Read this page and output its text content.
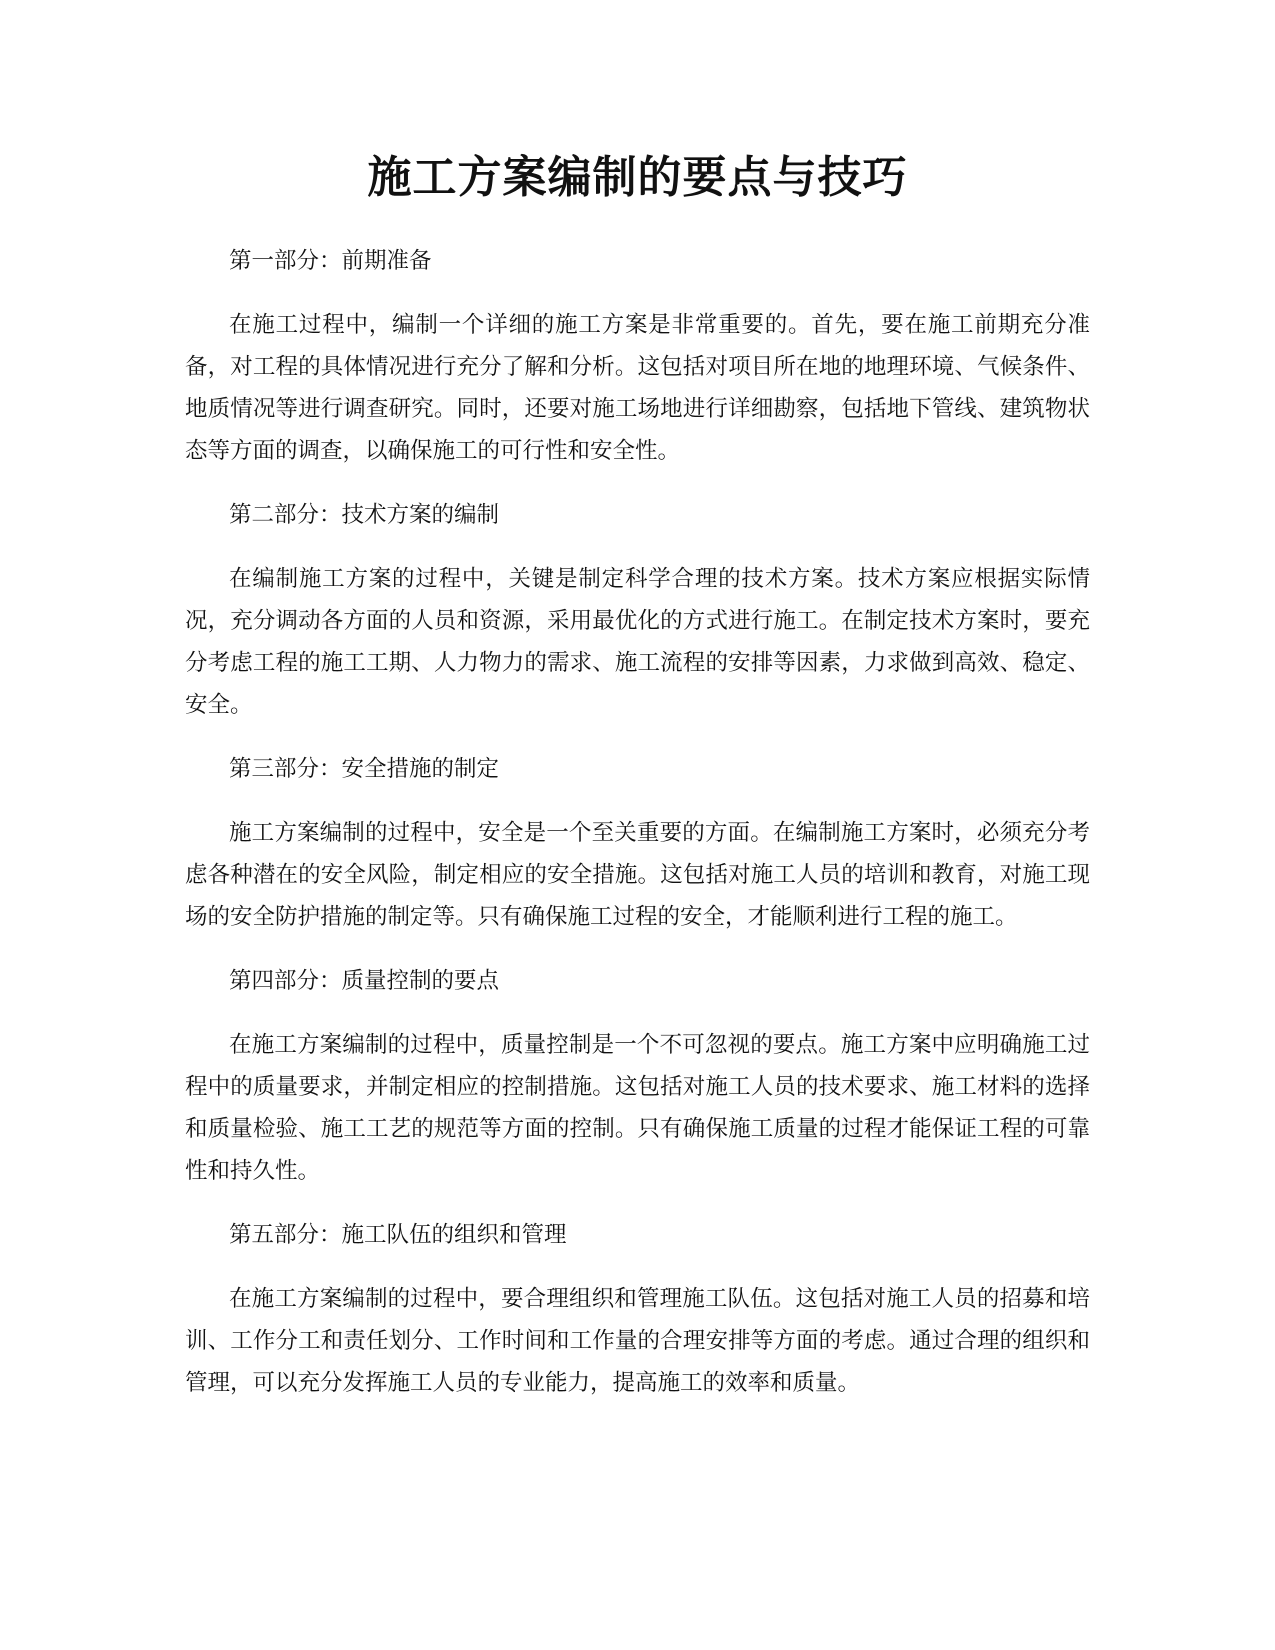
施工方案编制的要点与技巧

第一部分：前期准备

在施工过程中，编制一个详细的施工方案是非常重要的。首先，要在施工前期充分准备，对工程的具体情况进行充分了解和分析。这包括对项目所在地的地理环境、气候条件、地质情况等进行调查研究。同时，还要对施工场地进行详细勘察，包括地下管线、建筑物状态等方面的调查，以确保施工的可行性和安全性。

第二部分：技术方案的编制

在编制施工方案的过程中，关键是制定科学合理的技术方案。技术方案应根据实际情况，充分调动各方面的人员和资源，采用最优化的方式进行施工。在制定技术方案时，要充分考虑工程的施工工期、人力物力的需求、施工流程的安排等因素，力求做到高效、稳定、安全。

第三部分：安全措施的制定

施工方案编制的过程中，安全是一个至关重要的方面。在编制施工方案时，必须充分考虑各种潜在的安全风险，制定相应的安全措施。这包括对施工人员的培训和教育，对施工现场的安全防护措施的制定等。只有确保施工过程的安全，才能顺利进行工程的施工。

第四部分：质量控制的要点

在施工方案编制的过程中，质量控制是一个不可忽视的要点。施工方案中应明确施工过程中的质量要求，并制定相应的控制措施。这包括对施工人员的技术要求、施工材料的选择和质量检验、施工工艺的规范等方面的控制。只有确保施工质量的过程才能保证工程的可靠性和持久性。

第五部分：施工队伍的组织和管理

在施工方案编制的过程中，要合理组织和管理施工队伍。这包括对施工人员的招募和培训、工作分工和责任划分、工作时间和工作量的合理安排等方面的考虑。通过合理的组织和管理，可以充分发挥施工人员的专业能力，提高施工的效率和质量。
